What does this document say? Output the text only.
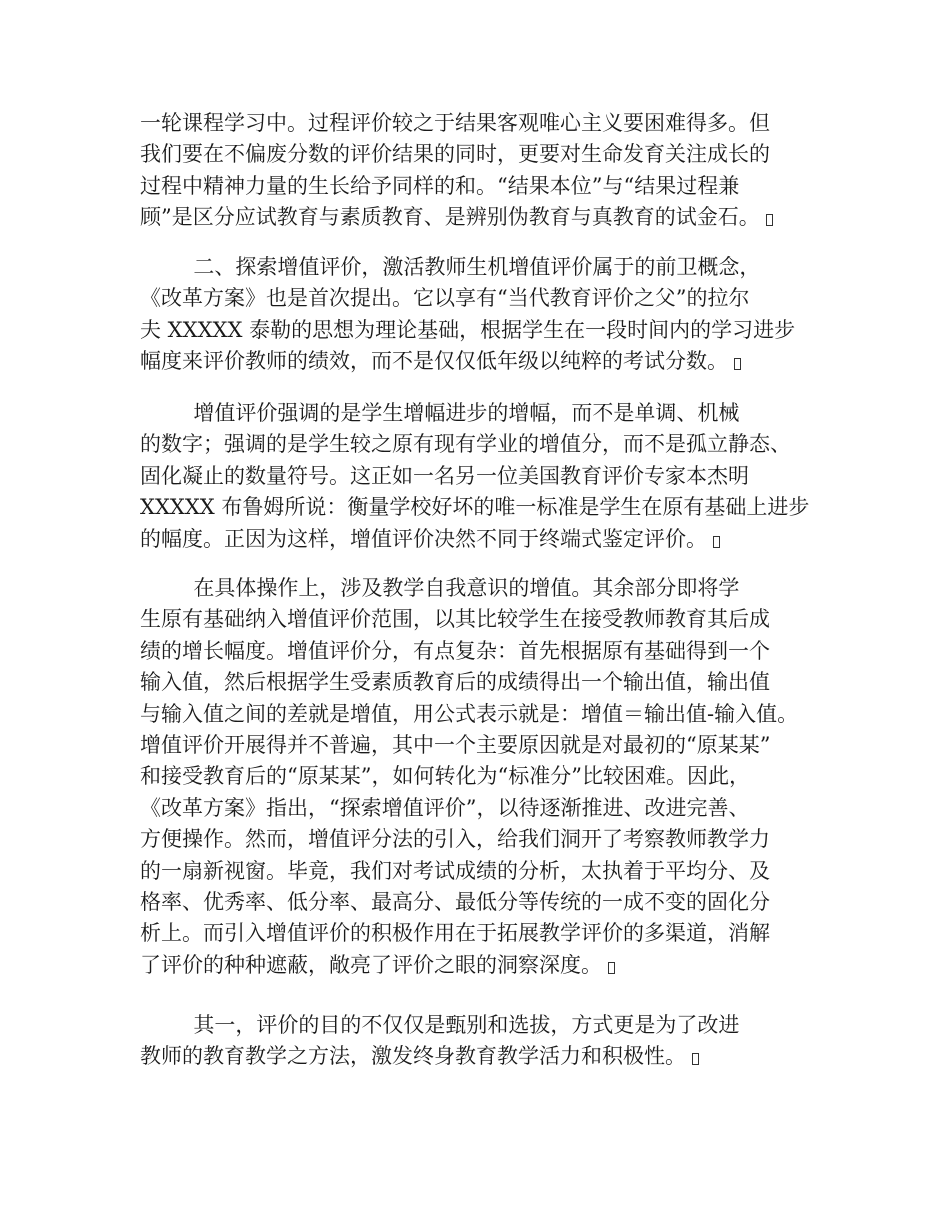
一轮课程学习中。过程评价较之于结果客观唯心主义要困难得多。但
我们要在不偏废分数的评价结果的同时，更要对生命发育关注成长的
过程中精神力量的生长给予同样的和。“结果本位”与“结果过程兼
顾”是区分应试教育与素质教育、是辨别伪教育与真教育的试金石。
二、探索增值评价，激活教师生机增值评价属于的前卫概念，
《改革方案》也是首次提出。它以享有“当代教育评价之父”的拉尔
夫 XXXXX 泰勒的思想为理论基础，根据学生在一段时间内的学习进步
幅度来评价教师的绩效，而不是仅仅低年级以纯粹的考试分数。
增值评价强调的是学生增幅进步的增幅，而不是单调、机械
的数字；强调的是学生较之原有现有学业的增值分，而不是孤立静态、
固化凝止的数量符号。这正如一名另一位美国教育评价专家本杰明
XXXXX 布鲁姆所说：衡量学校好坏的唯一标准是学生在原有基础上进步
的幅度。正因为这样，增值评价决然不同于终端式鉴定评价。
在具体操作上，涉及教学自我意识的增值。其余部分即将学
生原有基础纳入增值评价范围，以其比较学生在接受教师教育其后成
绩的增长幅度。增值评价分，有点复杂：首先根据原有基础得到一个
输入值，然后根据学生受素质教育后的成绩得出一个输出值，输出值
与输入值之间的差就是增值，用公式表示就是：增值＝输出值-输入值。
增值评价开展得并不普遍，其中一个主要原因就是对最初的“原某某”
和接受教育后的“原某某”，如何转化为“标准分”比较困难。因此，
《改革方案》指出，“探索增值评价”，以待逐渐推进、改进完善、
方便操作。然而，增值评分法的引入，给我们洞开了考察教师教学力
的一扇新视窗。毕竟，我们对考试成绩的分析，太执着于平均分、及
格率、优秀率、低分率、最高分、最低分等传统的一成不变的固化分
析上。而引入增值评价的积极作用在于拓展教学评价的多渠道，消解
了评价的种种遮蔽，敞亮了评价之眼的洞察深度。
其一，评价的目的不仅仅是甄别和选拔，方式更是为了改进
教师的教育教学之方法，激发终身教育教学活力和积极性。
